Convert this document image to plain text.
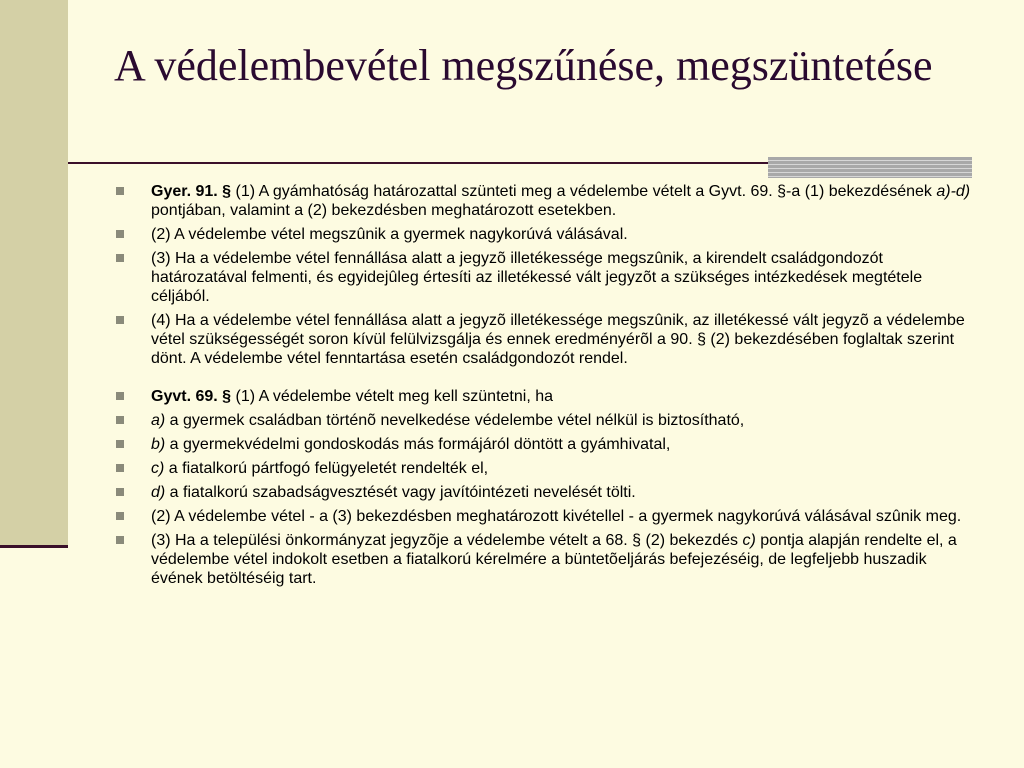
A védelembevétel megszűnése, megszüntetése
Gyer. 91. § (1) A gyámhatóság határozattal szünteti meg a védelembe vételt a Gyvt. 69. §-a (1) bekezdésének a)-d) pontjában, valamint a (2) bekezdésben meghatározott esetekben.
(2) A védelembe vétel megszûnik a gyermek nagykorúvá válásával.
(3) Ha a védelembe vétel fennállása alatt a jegyzõ illetékessége megszûnik, a kirendelt családgondozót határozatával felmenti, és egyidejûleg értesíti az illetékessé vált jegyzõt a szükséges intézkedések megtétele céljából.
(4) Ha a védelembe vétel fennállása alatt a jegyzõ illetékessége megszûnik, az illetékessé vált jegyzõ a védelembe vétel szükségességét soron kívül felülvizsgálja és ennek eredményérõl a 90. § (2) bekezdésében foglaltak szerint dönt. A védelembe vétel fenntartása esetén családgondozót rendel.
Gyvt. 69. § (1) A védelembe vételt meg kell szüntetni, ha
a) a gyermek családban történõ nevelkedése védelembe vétel nélkül is biztosítható,
b) a gyermekvédelmi gondoskodás más formájáról döntött a gyámhivatal,
c) a fiatalkorú pártfogó felügyeletét rendelték el,
d) a fiatalkorú szabadságvesztését vagy javítóintézeti nevelését tölti.
(2) A védelembe vétel - a (3) bekezdésben meghatározott kivétellel - a gyermek nagykorúvá válásával szûnik meg.
(3) Ha a települési önkormányzat jegyzõje a védelembe vételt a 68. § (2) bekezdés c) pontja alapján rendelte el, a védelembe vétel indokolt esetben a fiatalkorú kérelmére a büntetõeljárás befejezéséig, de legfeljebb huszadik évének betöltéséig tart.
